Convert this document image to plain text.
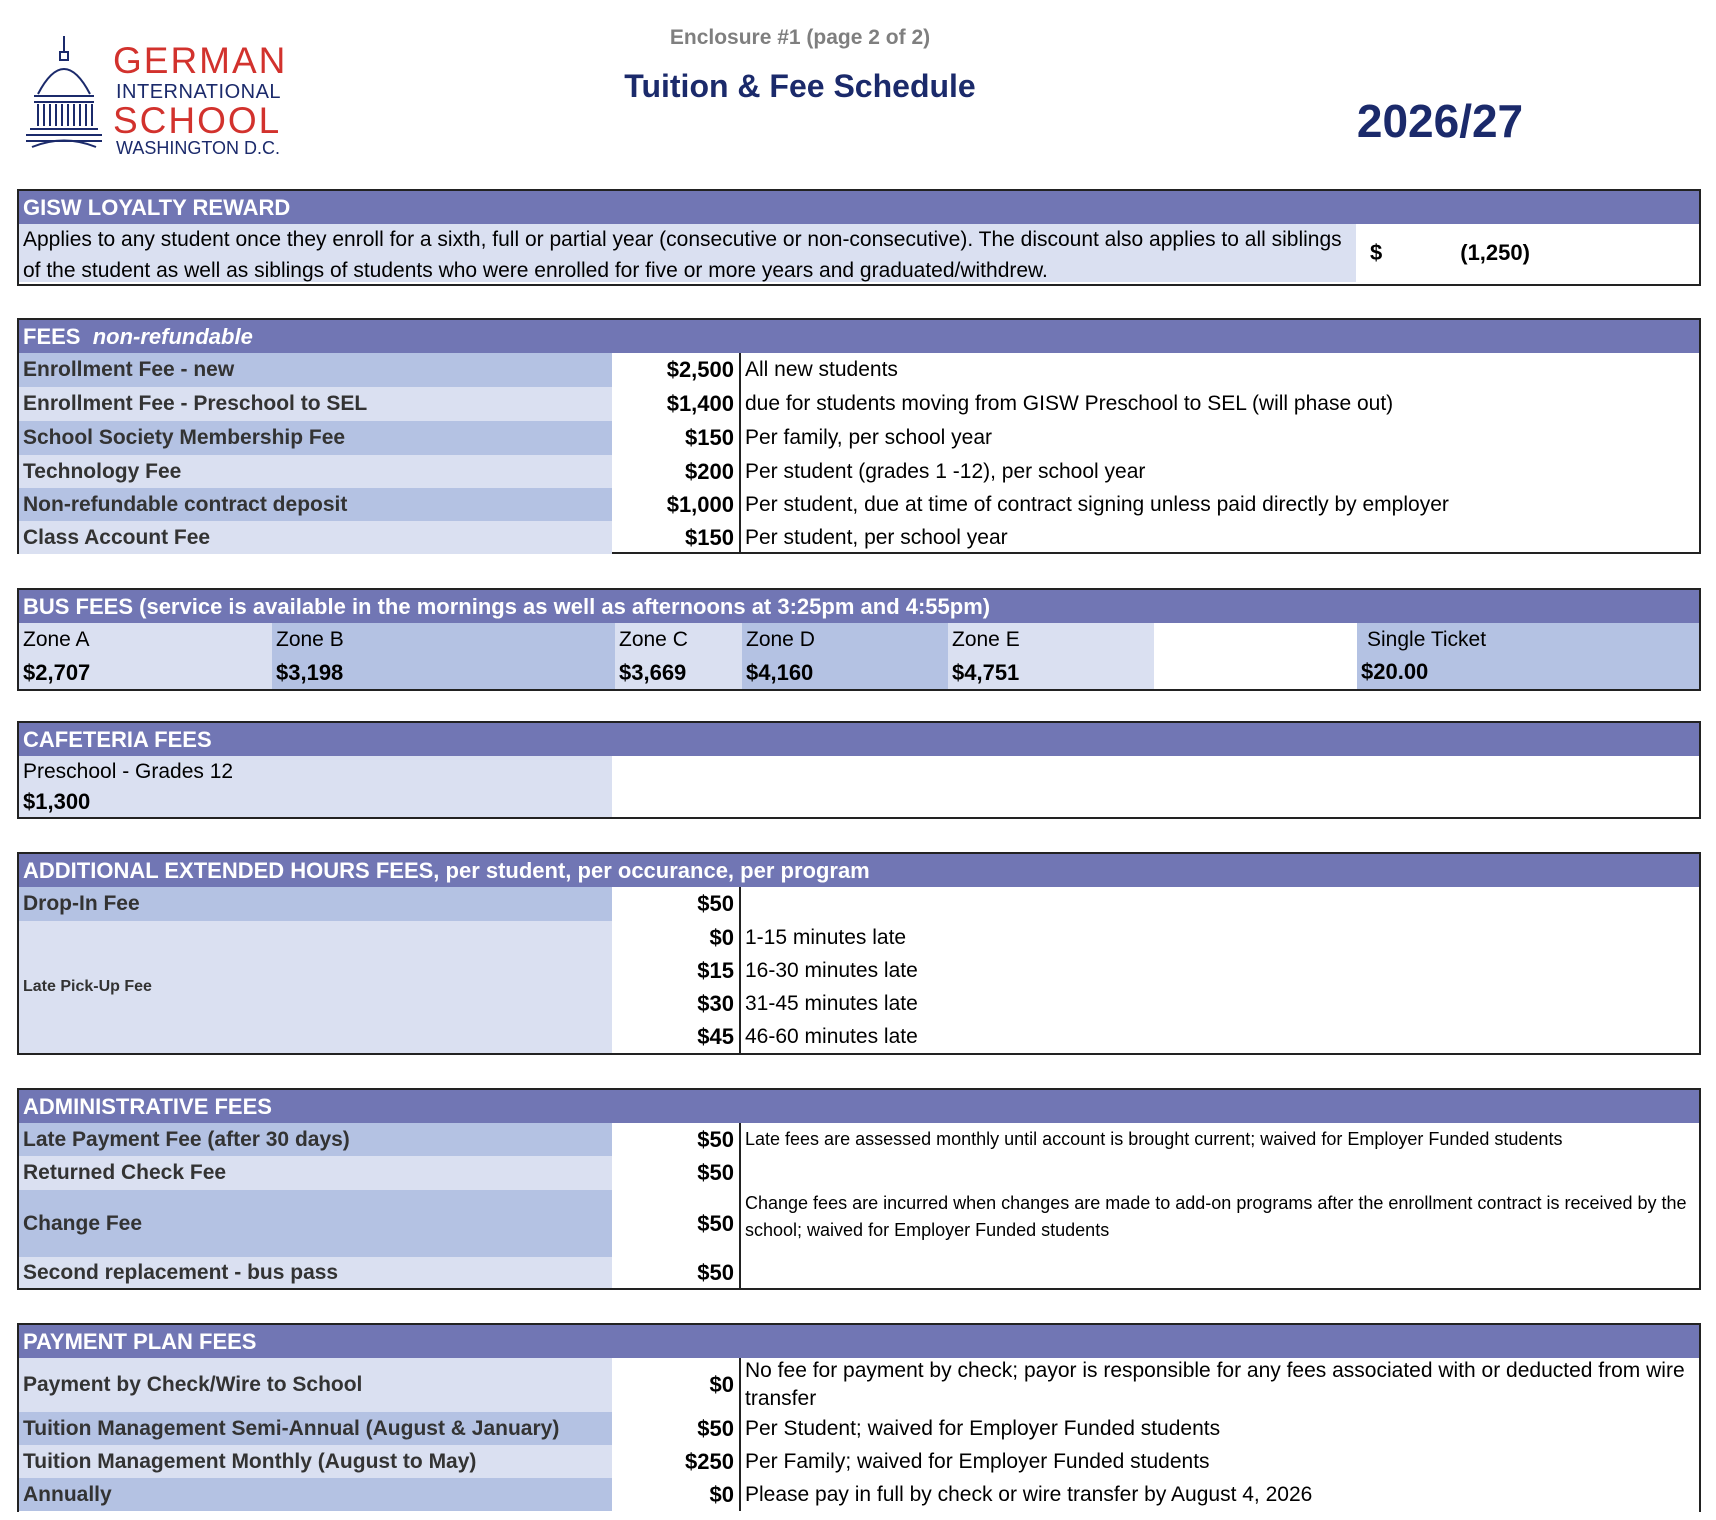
GERMAN
INTERNATIONAL
SCHOOL
WASHINGTON D.C.
Enclosure #1 (page 2 of 2)
Tuition & Fee Schedule
2026/27
GISW LOYALTY REWARD
Applies to any student once they enroll for a sixth, full or partial year (consecutive or non-consecutive). The discount also applies to all siblings of the student as well as siblings of students who were enrolled for five or more years and graduated/withdrew.
$	(1,250)
FEES non-refundable
Enrollment Fee - new	$2,500 All new students
Enrollment Fee - Preschool to SEL	$1,400 due for students moving from GISW Preschool to SEL (will phase out)
School Society Membership Fee	$150 Per family, per school year
Technology Fee	$200 Per student (grades 1 -12), per school year
Non-refundable contract deposit	$1,000 Per student, due at time of contract signing unless paid directly by employer
Class Account Fee	$150 Per student, per school year
BUS FEES (service is available in the mornings as well as afternoons at 3:25pm and 4:55pm)
Zone A
$2,707
Zone B
$3,198
Zone C
$3,669
Zone D
$4,160
Zone E
$4,751
Single Ticket
$20.00
CAFETERIA FEES
Preschool - Grades 12
$1,300
ADDITIONAL EXTENDED HOURS FEES, per student, per occurance, per program
Drop-In Fee	$50
Late Pick-Up Fee
$0 1-15 minutes late
$15 16-30 minutes late
$30 31-45 minutes late
$45 46-60 minutes late
ADMINISTRATIVE FEES
Late Payment Fee (after 30 days)	$50 Late fees are assessed monthly until account is brought current; waived for Employer Funded students
Returned Check Fee	$50
Change Fee	$50
Change fees are incurred when changes are made to add-on programs after the enrollment contract is received by the school; waived for Employer Funded students
Second replacement - bus pass	$50
PAYMENT PLAN FEES
Payment by Check/Wire to School	$0
No fee for payment by check; payor is responsible for any fees associated with or deducted from wire transfer
Tuition Management Semi-Annual (August & January)	$50 Per Student; waived for Employer Funded students
Tuition Management Monthly (August to May)	$250 Per Family; waived for Employer Funded students
Annually	$0 Please pay in full by check or wire transfer by August 4, 2026
